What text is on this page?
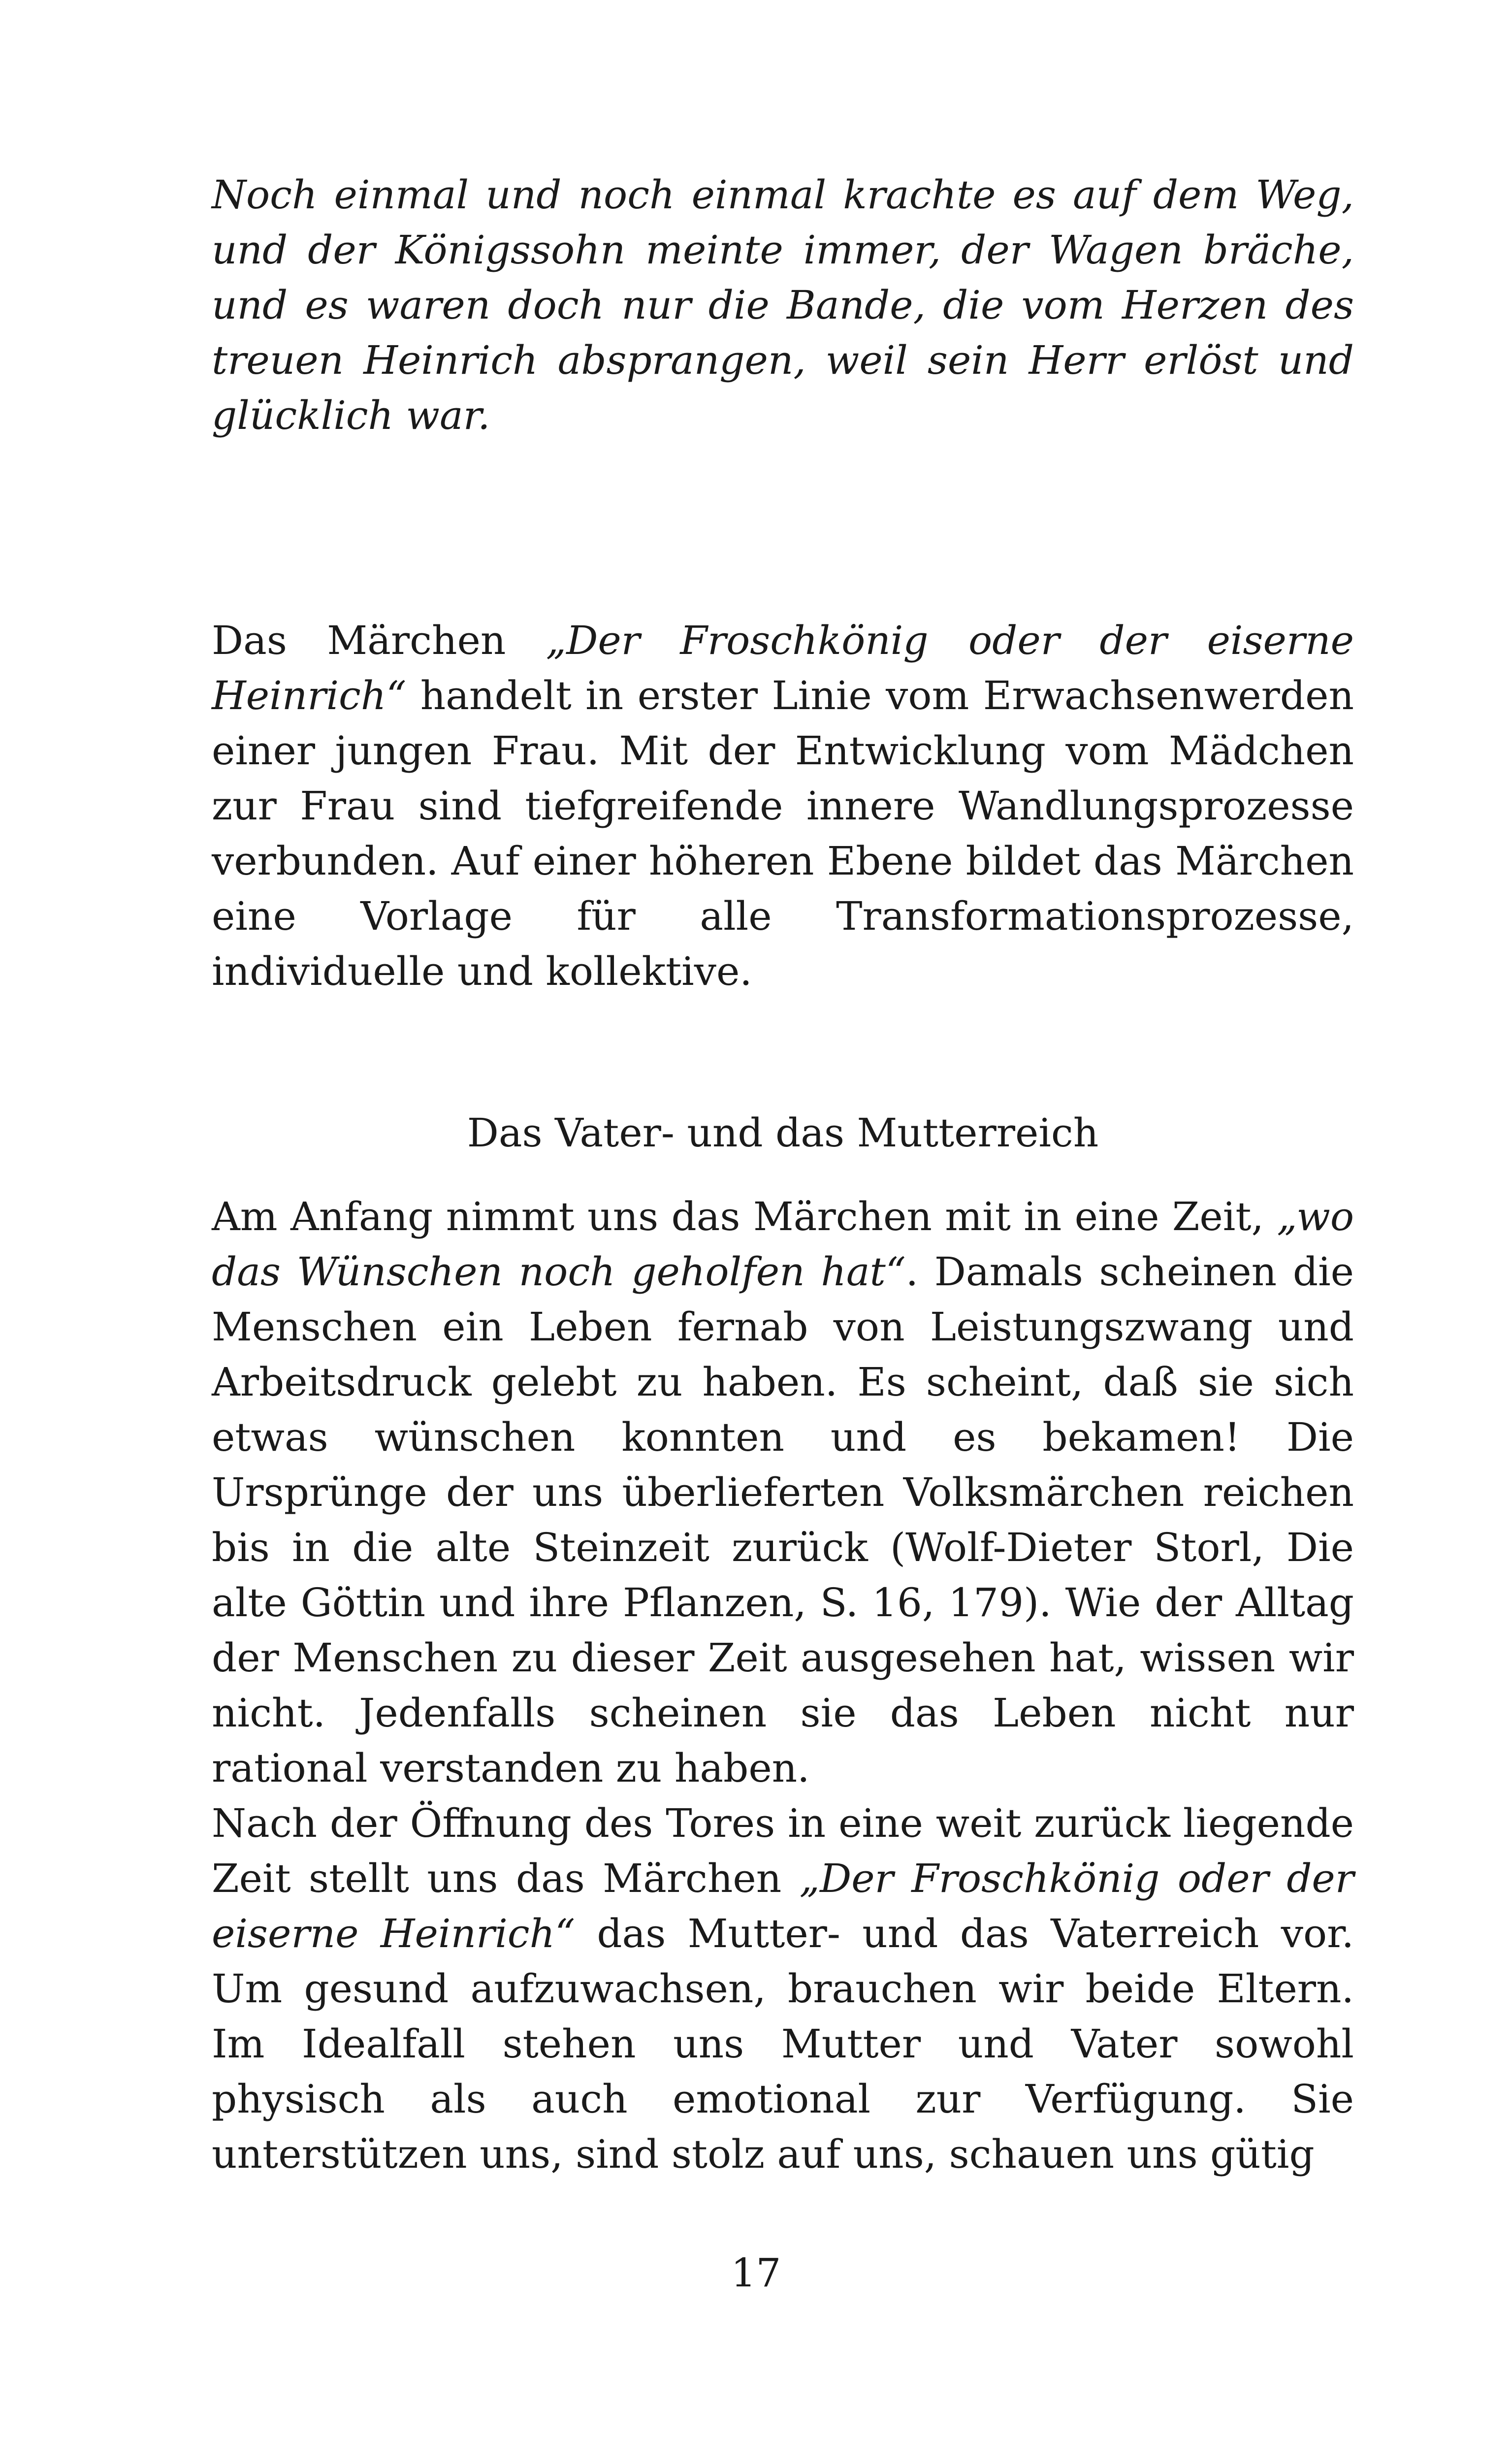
Noch einmal und noch einmal krachte es auf dem Weg, und der Königssohn meinte immer, der Wagen bräche, und es waren doch nur die Bande, die vom Herzen des treuen Heinrich absprangen, weil sein Herr erlöst und glücklich war.

Das Märchen „Der Froschkönig oder der eiserne Heinrich“ handelt in erster Linie vom Erwachsenwerden einer jungen Frau. Mit der Entwicklung vom Mädchen zur Frau sind tiefgreifende innere Wandlungsprozesse verbunden. Auf einer höheren Ebene bildet das Märchen eine Vorlage für alle Transformationsprozesse, individuelle und kollektive.

Das Vater- und das Mutterreich

Am Anfang nimmt uns das Märchen mit in eine Zeit, „wo das Wünschen noch geholfen hat“. Damals scheinen die Menschen ein Leben fernab von Leistungszwang und Arbeitsdruck gelebt zu haben. Es scheint, daß sie sich etwas wünschen konnten und es bekamen! Die Ursprünge der uns überlieferten Volksmärchen reichen bis in die alte Steinzeit zurück (Wolf-Dieter Storl, Die alte Göttin und ihre Pflanzen, S. 16, 179). Wie der Alltag der Menschen zu dieser Zeit ausgesehen hat, wissen wir nicht. Jedenfalls scheinen sie das Leben nicht nur rational verstanden zu haben.

Nach der Öffnung des Tores in eine weit zurück liegende Zeit stellt uns das Märchen „Der Froschkönig oder der eiserne Heinrich“ das Mutter- und das Vaterreich vor. Um gesund aufzuwachsen, brauchen wir beide Eltern. Im Idealfall stehen uns Mutter und Vater sowohl physisch als auch emotional zur Verfügung. Sie unterstützen uns, sind stolz auf uns, schauen uns gütig

17
